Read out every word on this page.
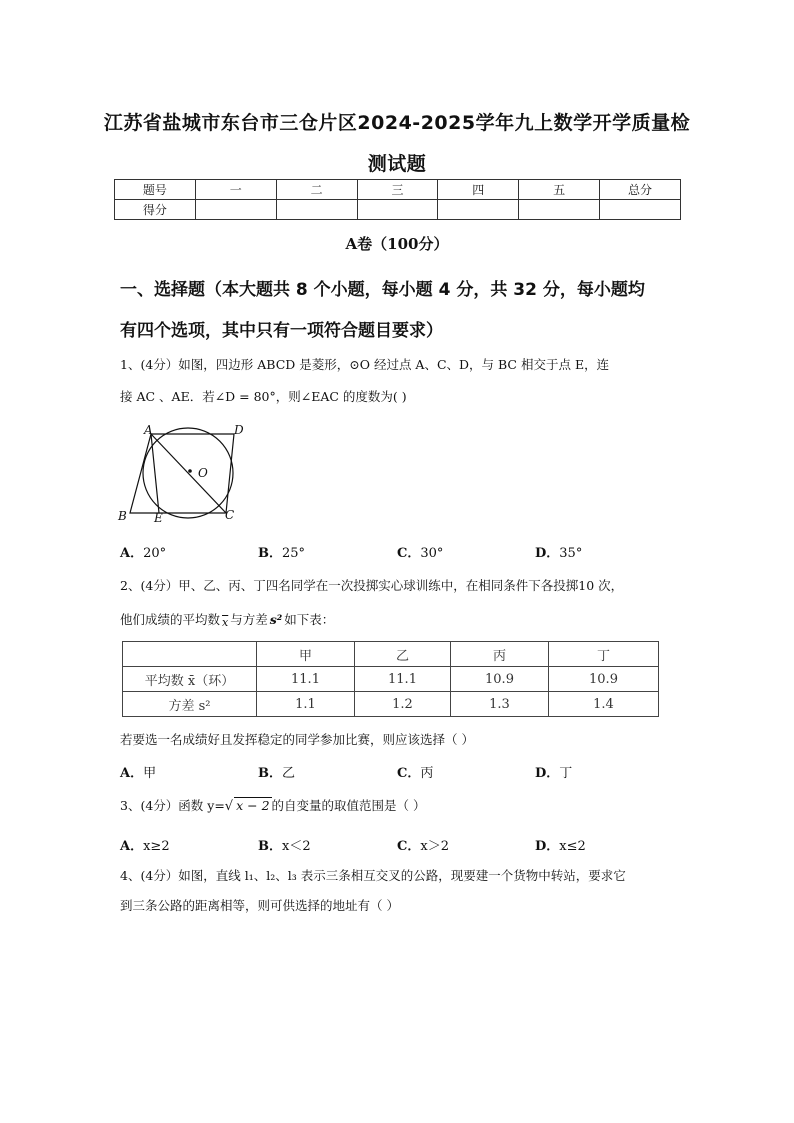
江苏省盐城市东台市三仓片区2024-2025学年九上数学开学质量检
测试题
题号	一	二	三	四	五	总分
得分						
A卷（100分）
一、选择题（本大题共 8 个小题，每小题 4 分，共 32 分，每小题均
有四个选项，其中只有一项符合题目要求）
1、(4分）如图，四边形 ABCD 是菱形，⊙O 经过点 A、C、D，与 BC 相交于点 E，连
接 AC 、AE．若∠D = 80°，则∠EAC 的度数为( )
A	D
O
B E	C
A．20°	B．25°	C．30°	D．35°
2、(4分）甲、乙、丙、丁四名同学在一次投掷实心球训练中，在相同条件下各投掷10 次，
他们成绩的平均数 $\overline{x}$ 与方差 s² 如下表：
	甲	乙	丙	丁
平均数 x̄（环）	11.1	11.1	10.9	10.9
方差 s²	1.1	1.2	1.3	1.4
若要选一名成绩好且发挥稳定的同学参加比赛，则应该选择（ ）
A．甲	B．乙	C．丙	D．丁
3、(4分）函数 y=√ x − 2 的自变量的取值范围是（ ）
A．x≥2	B．x＜2	C．x＞2	D．x≤2
4、(4分）如图，直线 l₁、l₂、l₃ 表示三条相互交叉的公路，现要建一个货物中转站，要求它
到三条公路的距离相等，则可供选择的地址有（ ）
